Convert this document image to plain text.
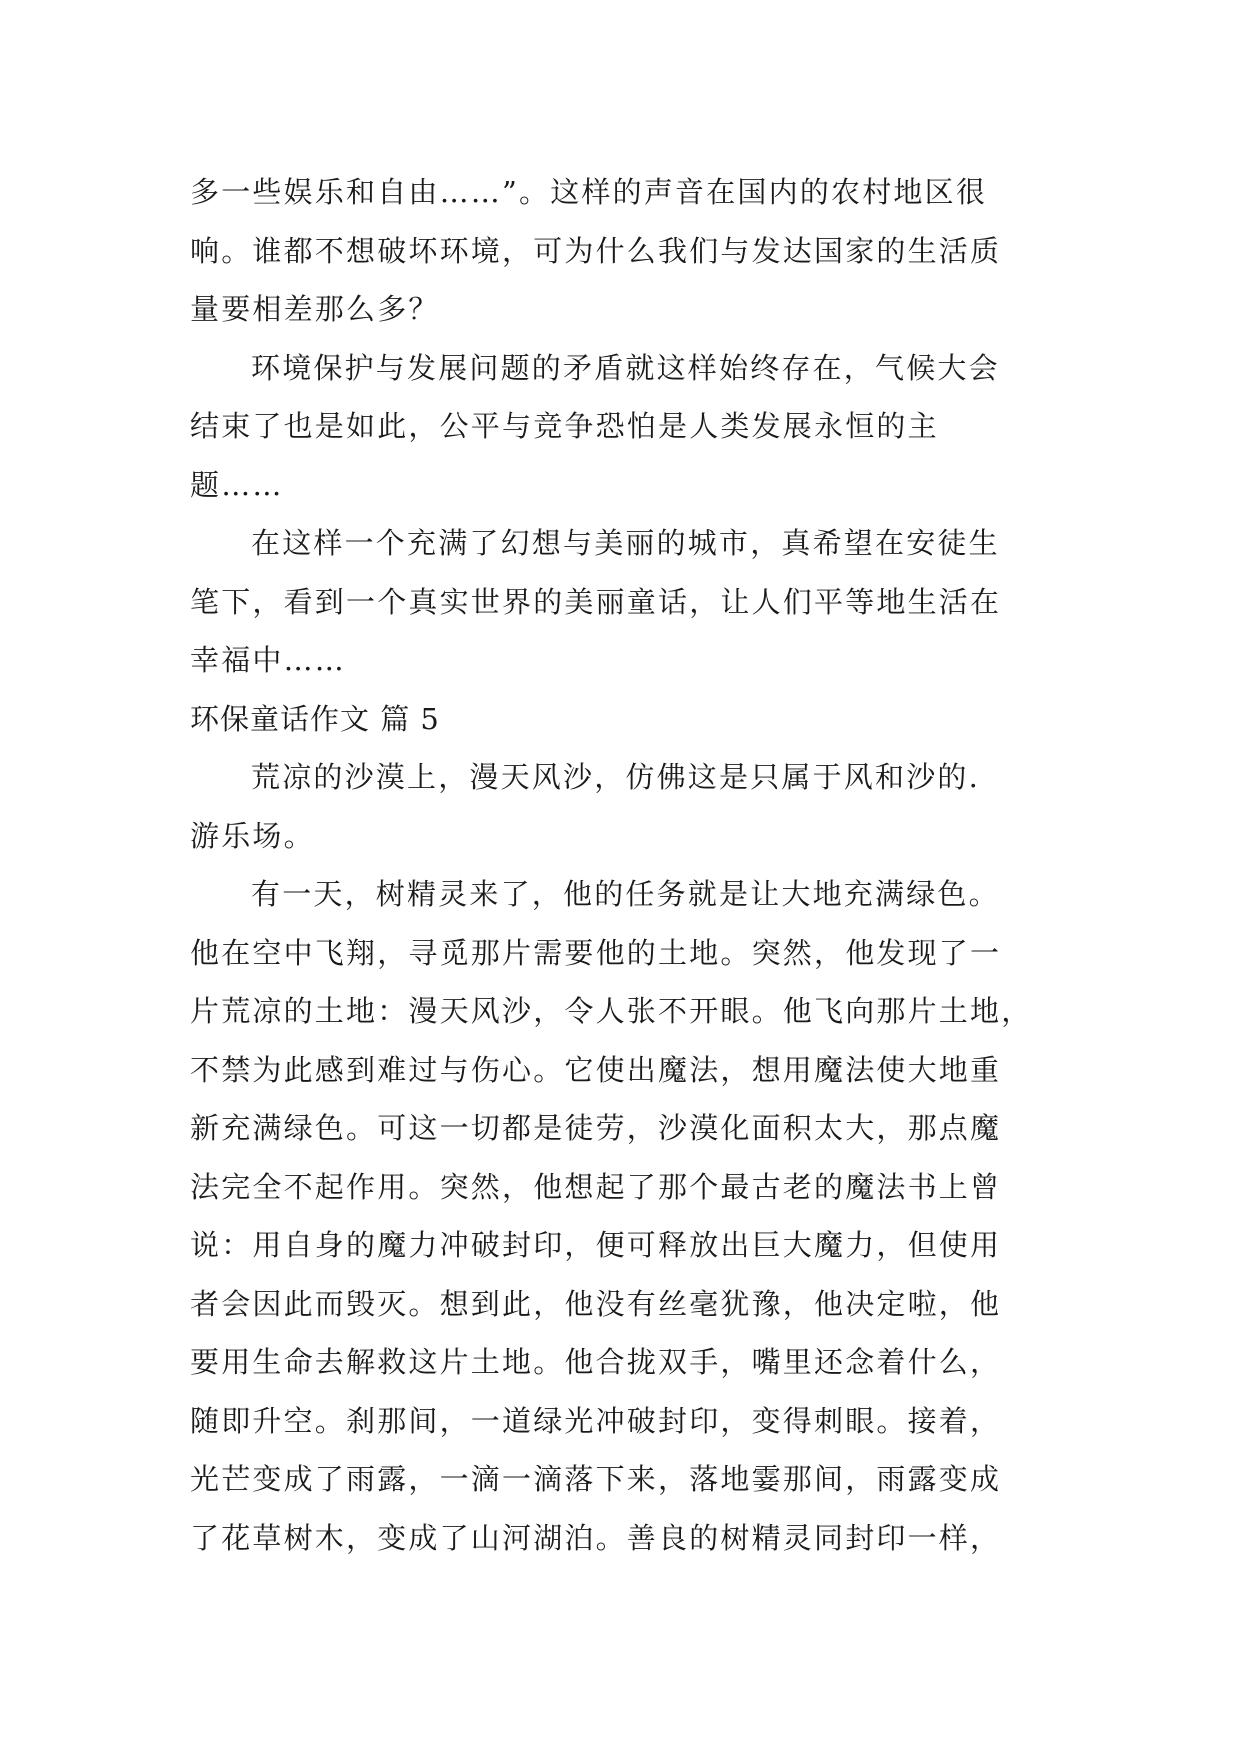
多一些娱乐和自由……”。这样的声音在国内的农村地区很
响。谁都不想破坏环境，可为什么我们与发达国家的生活质
量要相差那么多？
环境保护与发展问题的矛盾就这样始终存在，气候大会
结束了也是如此，公平与竞争恐怕是人类发展永恒的主
题……
在这样一个充满了幻想与美丽的城市，真希望在安徒生
笔下，看到一个真实世界的美丽童话，让人们平等地生活在
幸福中……
环保童话作文 篇 5
荒凉的沙漠上，漫天风沙，仿佛这是只属于风和沙的.
游乐场。
有一天，树精灵来了，他的任务就是让大地充满绿色。
他在空中飞翔，寻觅那片需要他的土地。突然，他发现了一
片荒凉的土地：漫天风沙，令人张不开眼。他飞向那片土地，
不禁为此感到难过与伤心。它使出魔法，想用魔法使大地重
新充满绿色。可这一切都是徒劳，沙漠化面积太大，那点魔
法完全不起作用。突然，他想起了那个最古老的魔法书上曾
说：用自身的魔力冲破封印，便可释放出巨大魔力，但使用
者会因此而毁灭。想到此，他没有丝毫犹豫，他决定啦，他
要用生命去解救这片土地。他合拢双手，嘴里还念着什么，
随即升空。刹那间，一道绿光冲破封印，变得刺眼。接着，
光芒变成了雨露，一滴一滴落下来，落地霎那间，雨露变成
了花草树木，变成了山河湖泊。善良的树精灵同封印一样，
